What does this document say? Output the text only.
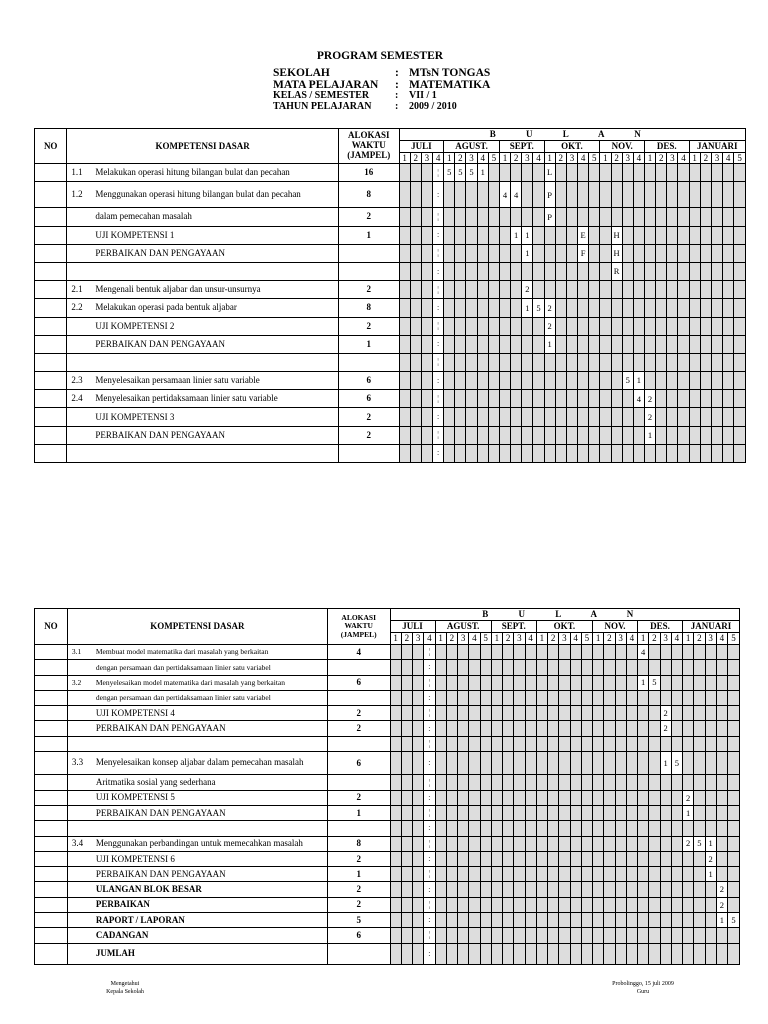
PROGRAM SEMESTER
SEKOLAH	: MTsN TONGAS
MATA PELAJARAN	: MATEMATIKA
KELAS / SEMESTER	:	VII / 1
TAHUN PELAJARAN	:	2009 / 2010
NO	KOMPETENSI DASAR	ALOKASI
WAKTU
(JAMPEL)	B U L A N																														
			JULI				AGUST.					SEPT.				OKT.					NOV.				DES.				JANUARI				
			1	2	3	4	1	2	3	4	5	1	2	3	4	1	2	3	4	5	1	2	3	4	1	2	3	4	1	2	3	4	5
	1.1 Melakukan operasi hitung bilangan bulat dan pecahan	16				¦	5	5	5	1						L																	
	1.2 Menggunakan operasi hitung bilangan bulat dan pecahan	8				:						4	4			P																	
	dalam pemecahan masalah	2				¦										P																	
	UJI KOMPETENSI 1	1				:							1	1					E			H											
	PERBAIKAN DAN PENGAYAAN					¦								1					F			H											
						:																R											
	2.1 Mengenali bentuk aljabar dan unsur-unsurnya	2				¦								2																			
	2.2 Melakukan operasi pada bentuk aljabar	8				:								1	5	2																	
	UJI KOMPETENSI 2	2				¦										2																	
	PERBAIKAN DAN PENGAYAAN	1				:										1																	
						¦																											
	2.3 Menyelesaikan persamaan linier satu variable	6				:																	5	1									
	2.4 Menyelesaikan pertidaksamaan linier satu variable	6				¦																		4	2								
	UJI KOMPETENSI 3	2				:																			2								
	PERBAIKAN DAN PENGAYAAN	2				¦																			1								
						:																											
NO	KOMPETENSI DASAR	ALOKASI
WAKTU
(JAMPEL)	B U L A N																														
			JULI				AGUST.					SEPT.				OKT.					NOV.				DES.				JANUARI				
			1	2	3	4	1	2	3	4	5	1	2	3	4	1	2	3	4	5	1	2	3	4	1	2	3	4	1	2	3	4	5
	3.1 Membuat model matematika dari masalah yang berkaitan	4				¦																			4								
	dengan persamaan dan pertidaksamaan linier satu variabel					:																											
	3.2 Menyelesaikan model matematika dari masalah yang berkaitan	6				¦																			1	5							
	dengan persamaan dan pertidaksamaan linier satu variabel					:																											
	UJI KOMPETENSI 4	2				¦																					2						
	PERBAIKAN DAN PENGAYAAN	2				:																					2						
						¦																											
	3.3 Menyelesaikan konsep aljabar dalam pemecahan masalah	6				:																					1	5					
	Aritmatika sosial yang sederhana					¦																											
	UJI KOMPETENSI 5	2				:																							2				
	PERBAIKAN DAN PENGAYAAN	1				¦																							1				
						:																											
	3.4 Menggunakan perbandingan untuk memecahkan masalah	8				¦																							2	5	1		
	UJI KOMPETENSI 6	2				:																									2		
	PERBAIKAN DAN PENGAYAAN	1				¦																									1		
	ULANGAN BLOK BESAR	2				:																										2	
	PERBAIKAN	2				¦																										2	
	RAPORT / LAPORAN	5				:																										1	5
	CADANGAN	6				¦																											
	JUMLAH					:																											
Mengetahui
Kepala Sekolah
Probolinggo, 15 juli 2009
Guru
